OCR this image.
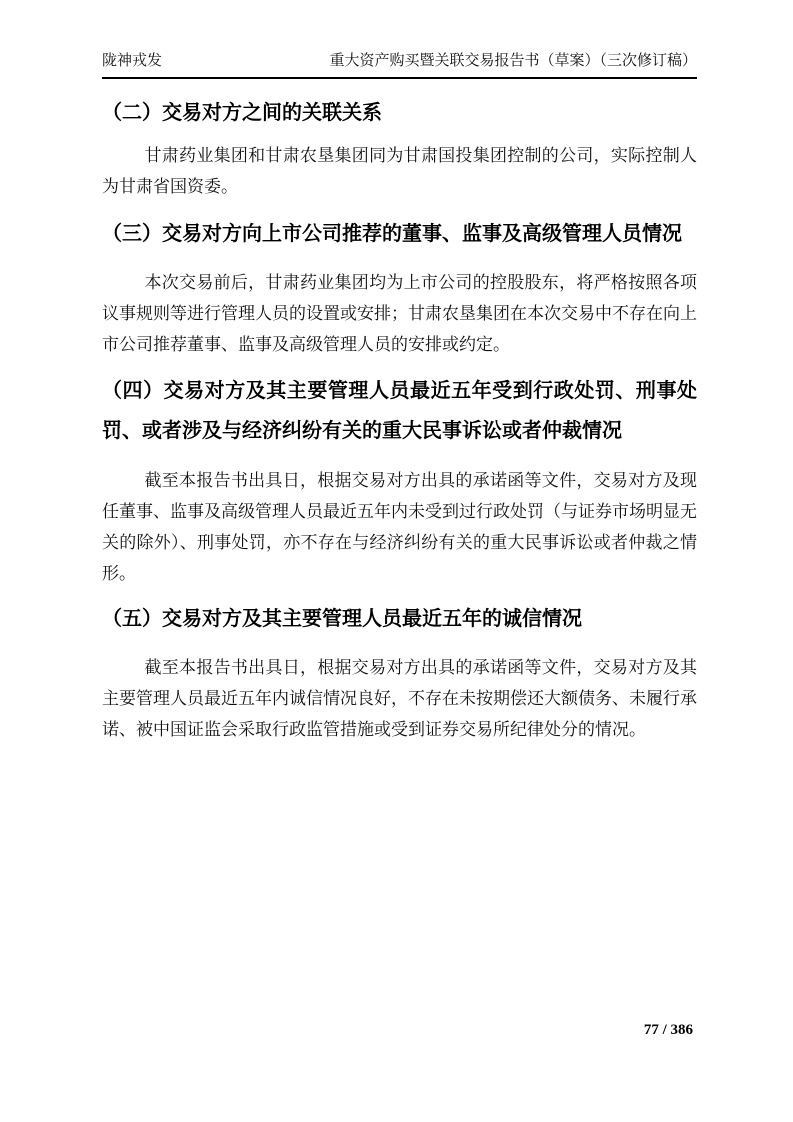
陇神戎发	重大资产购买暨关联交易报告书（草案）（三次修订稿）
（二）交易对方之间的关联关系

甘肃药业集团和甘肃农垦集团同为甘肃国投集团控制的公司，实际控制人为甘肃省国资委。

（三）交易对方向上市公司推荐的董事、监事及高级管理人员情况

本次交易前后，甘肃药业集团均为上市公司的控股股东，将严格按照各项议事规则等进行管理人员的设置或安排；甘肃农垦集团在本次交易中不存在向上市公司推荐董事、监事及高级管理人员的安排或约定。

（四）交易对方及其主要管理人员最近五年受到行政处罚、刑事处罚、或者涉及与经济纠纷有关的重大民事诉讼或者仲裁情况

截至本报告书出具日，根据交易对方出具的承诺函等文件，交易对方及现任董事、监事及高级管理人员最近五年内未受到过行政处罚（与证券市场明显无关的除外）、刑事处罚，亦不存在与经济纠纷有关的重大民事诉讼或者仲裁之情形。

（五）交易对方及其主要管理人员最近五年的诚信情况

截至本报告书出具日，根据交易对方出具的承诺函等文件，交易对方及其主要管理人员最近五年内诚信情况良好，不存在未按期偿还大额债务、未履行承诺、被中国证监会采取行政监管措施或受到证券交易所纪律处分的情况。

77 / 386
